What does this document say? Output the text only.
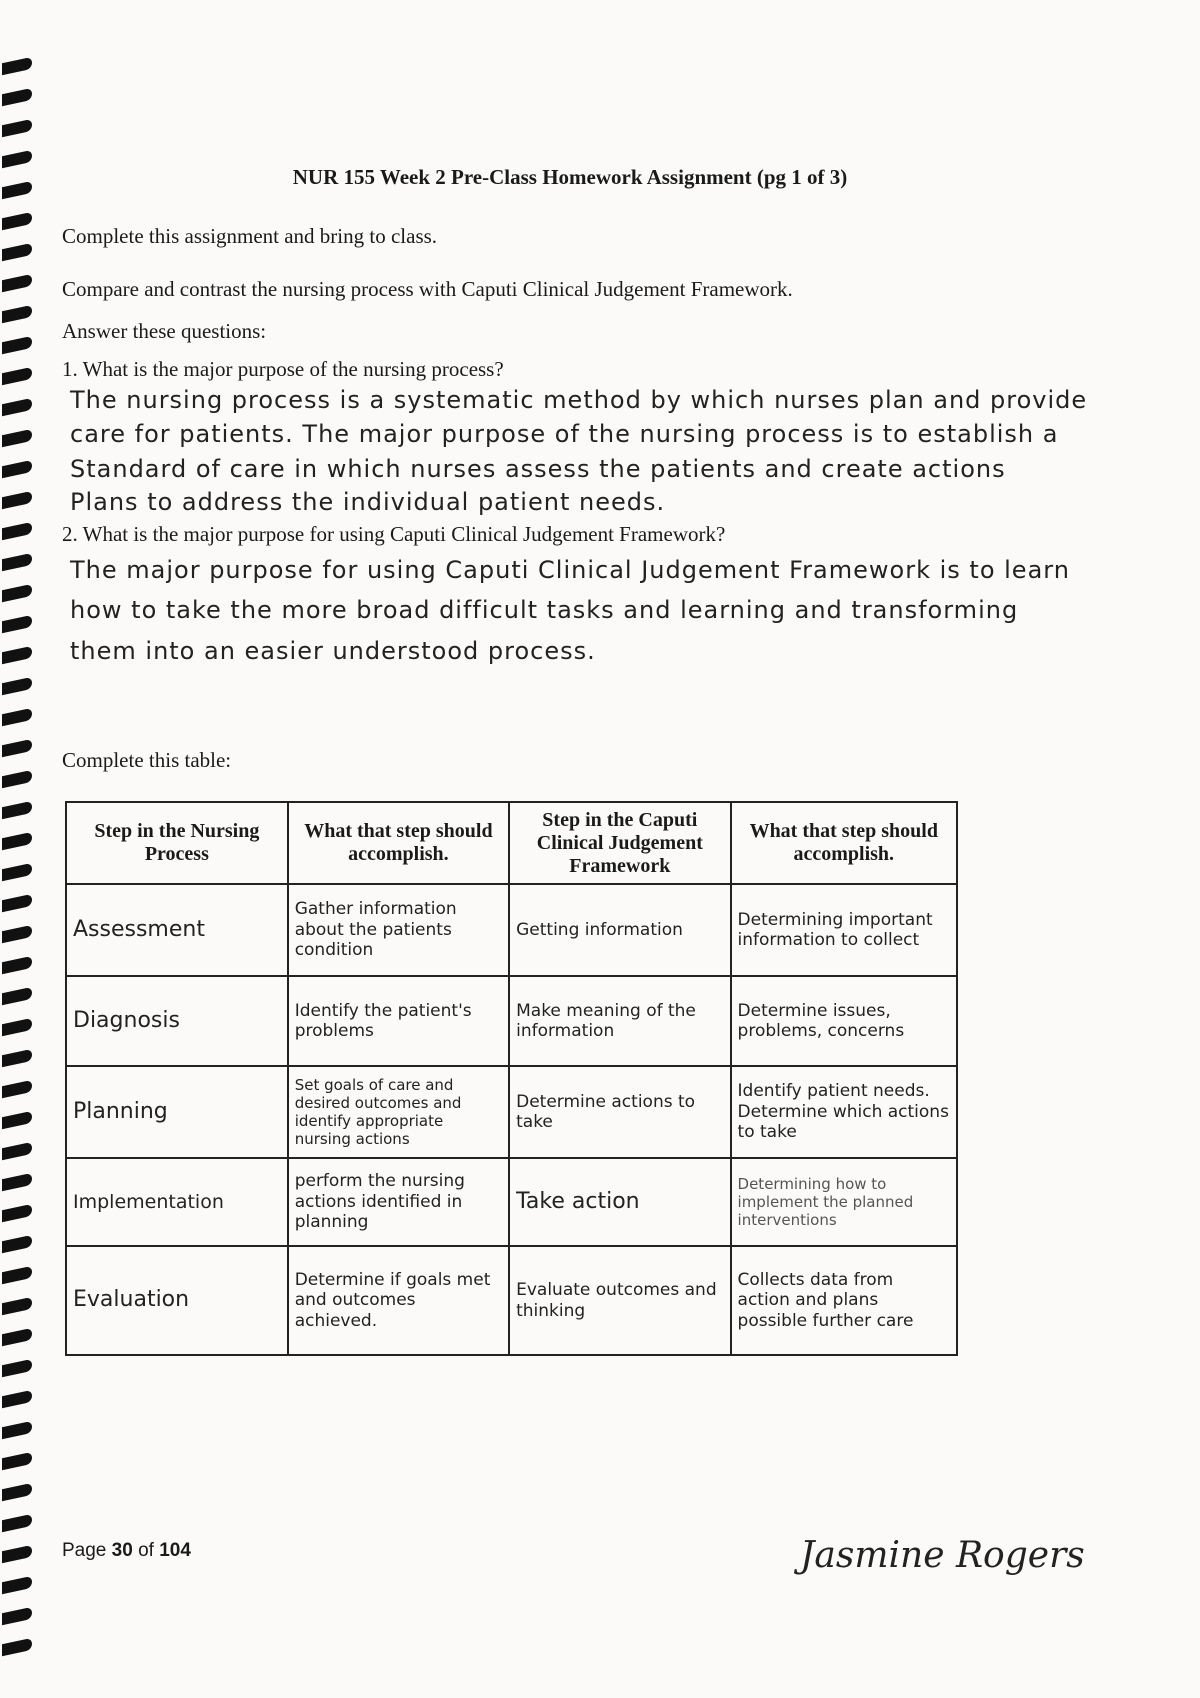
NUR 155 Week 2 Pre-Class Homework Assignment (pg 1 of 3)
Complete this assignment and bring to class.
Compare and contrast the nursing process with Caputi Clinical Judgement Framework.
Answer these questions:
1. What is the major purpose of the nursing process?
The nursing process is a systematic method by which nurses plan and provide
care for patients. The major purpose of the nursing process is to establish a
Standard of care in which nurses assess the patients and create actions
Plans to address the individual patient needs.
2. What is the major purpose for using Caputi Clinical Judgement Framework?
The major purpose for using Caputi Clinical Judgement Framework is to learn
how to take the more broad difficult tasks and learning and transforming
them into an easier understood process.
Complete this table:
Step in the Nursing Process	What that step should accomplish.	Step in the Caputi Clinical Judgement Framework	What that step should accomplish.
Assessment	Gather information about the patients condition	Getting information	Determining important information to collect
Diagnosis	Identify the patient's problems	Make meaning of the information	Determine issues, problems, concerns
Planning	Set goals of care and desired outcomes and identify appropriate nursing actions	Determine actions to take	Identify patient needs. Determine which actions to take
Implementation	perform the nursing actions identified in planning	Take action	Determining how to implement the planned interventions
Evaluation	Determine if goals met and outcomes achieved.	Evaluate outcomes and thinking	Collects data from action and plans possible further care
Page 30 of 104	Jasmine Rogers
